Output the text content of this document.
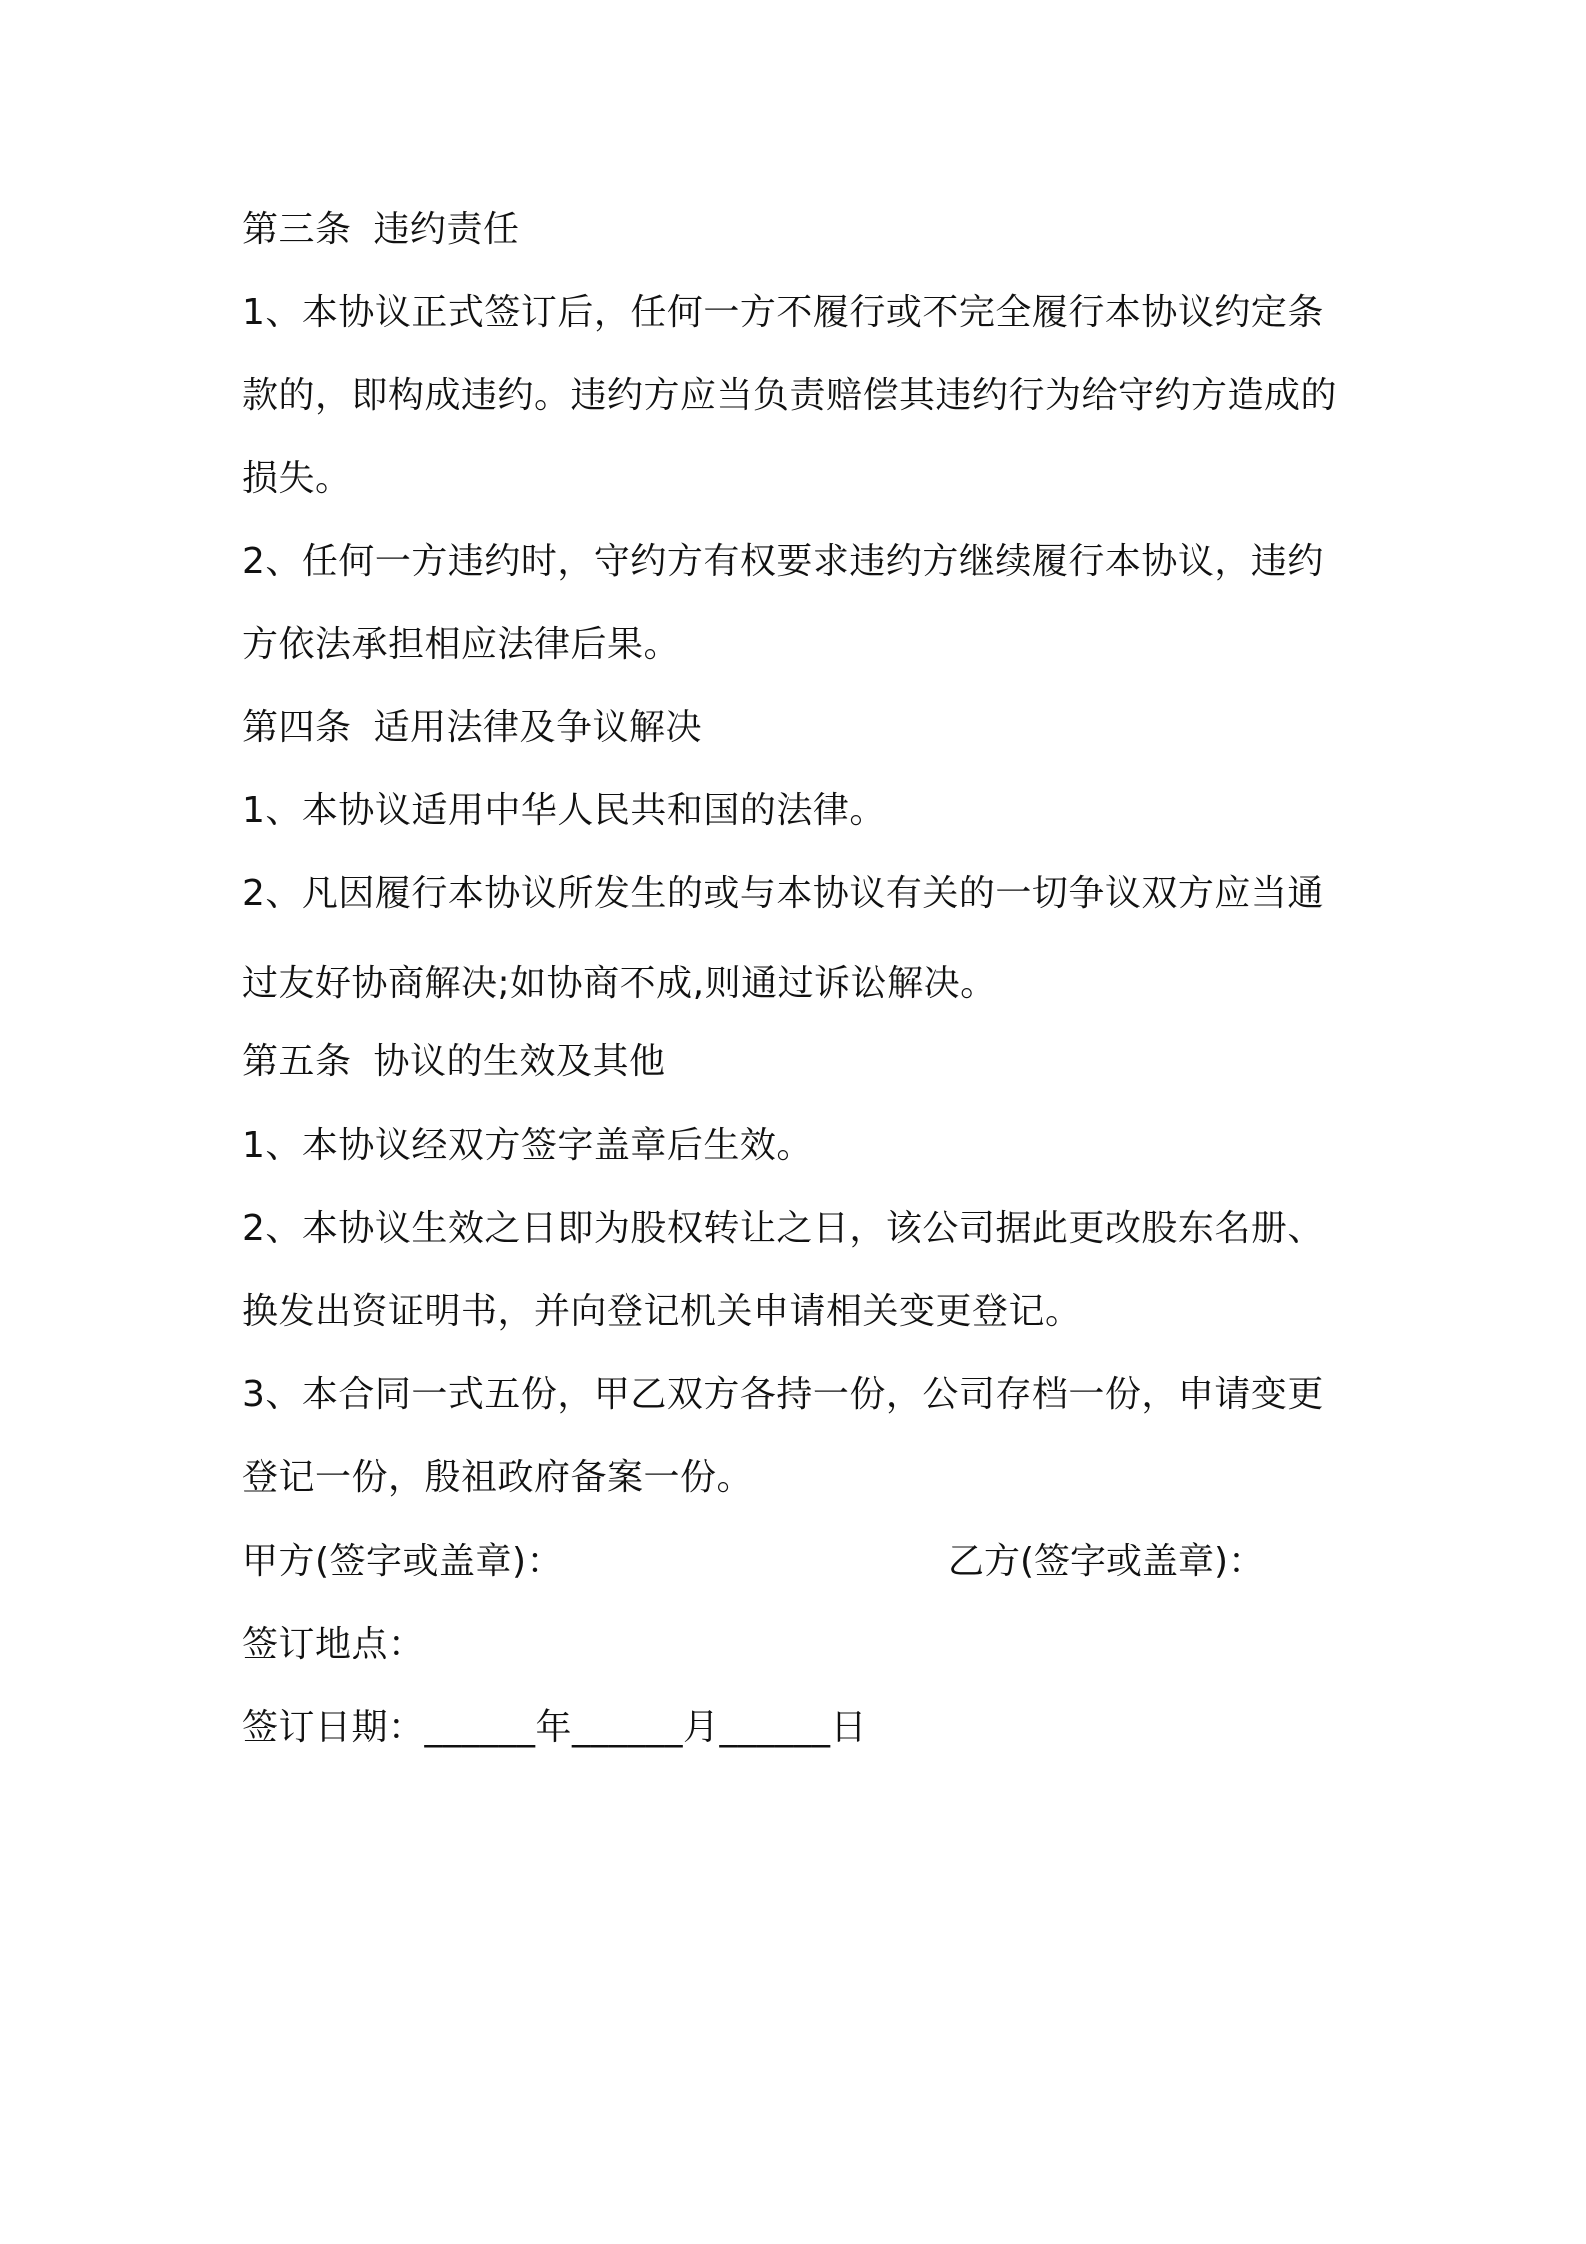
第三条 违约责任
1、本协议正式签订后，任何一方不履行或不完全履行本协议约定条
款的，即构成违约。违约方应当负责赔偿其违约行为给守约方造成的
损失。
2、任何一方违约时，守约方有权要求违约方继续履行本协议，违约
方依法承担相应法律后果。
第四条 适用法律及争议解决
1、本协议适用中华人民共和国的法律。
2、凡因履行本协议所发生的或与本协议有关的一切争议双方应当通
过友好协商解决;如协商不成,则通过诉讼解决。
第五条 协议的生效及其他
1、本协议经双方签字盖章后生效。
2、本协议生效之日即为股权转让之日，该公司据此更改股东名册、
换发出资证明书，并向登记机关申请相关变更登记。
3、本合同一式五份，甲乙双方各持一份，公司存档一份，申请变更
登记一份，殷祖政府备案一份。
甲方(签字或盖章)：	乙方(签字或盖章)：
签订地点：
签订日期：______年______月______日
